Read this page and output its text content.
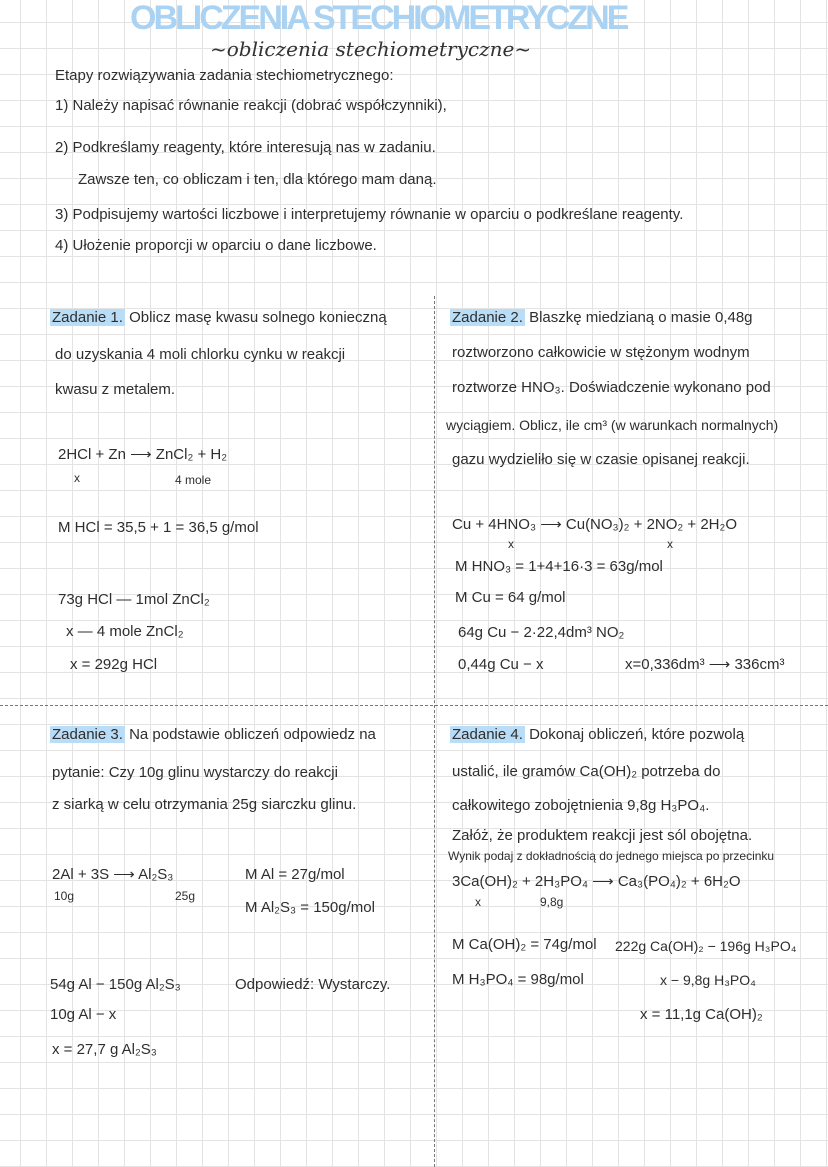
OBLICZENIA STECHIOMETRYCZNE
~obliczenia stechiometryczne~
Etapy rozwiązywania zadania stechiometrycznego:
1) Należy napisać równanie reakcji (dobrać współczynniki),
2) Podkreślamy reagenty, które interesują nas w zadaniu.
Zawsze ten, co obliczam i ten, dla którego mam daną.
3) Podpisujemy wartości liczbowe i interpretujemy równanie w oparciu o podkreślane reagenty.
4) Ułożenie proporcji w oparciu o dane liczbowe.
Zadanie 1. Oblicz masę kwasu solnego konieczną
do uzyskania 4 moli chlorku cynku w reakcji
kwasu z metalem.
2HCl + Zn ⟶ ZnCl₂ + H₂
x	4 mole
M HCl = 35,5 + 1 = 36,5 g/mol
73g HCl — 1mol ZnCl₂
x — 4 mole ZnCl₂
x = 292g HCl
Zadanie 2. Blaszkę miedzianą o masie 0,48g
roztworzono całkowicie w stężonym wodnym
roztworze HNO₃. Doświadczenie wykonano pod
wyciągiem. Oblicz, ile cm³ (w warunkach normalnych)
gazu wydzieliło się w czasie opisanej reakcji.
Cu + 4HNO₃ ⟶ Cu(NO₃)₂ + 2NO₂ + 2H₂O
x	x
M HNO₃ = 1+4+16·3 = 63g/mol
M Cu = 64 g/mol
64g Cu − 2·22,4dm³ NO₂
0,44g Cu − x	x=0,336dm³ ⟶ 336cm³
Zadanie 3. Na podstawie obliczeń odpowiedz na
pytanie: Czy 10g glinu wystarczy do reakcji
z siarką w celu otrzymania 25g siarczku glinu.
2Al + 3S ⟶ Al₂S₃
10g	25g
M Al = 27g/mol
M Al₂S₃ = 150g/mol
54g Al − 150g Al₂S₃	Odpowiedź: Wystarczy.
10g Al − x
x = 27,7 g Al₂S₃
Zadanie 4. Dokonaj obliczeń, które pozwolą
ustalić, ile gramów Ca(OH)₂ potrzeba do
całkowitego zobojętnienia 9,8g H₃PO₄.
Załóż, że produktem reakcji jest sól obojętna.
Wynik podaj z dokładnością do jednego miejsca po przecinku
3Ca(OH)₂ + 2H₃PO₄ ⟶ Ca₃(PO₄)₂ + 6H₂O
x	9,8g
M Ca(OH)₂ = 74g/mol
M H₃PO₄ = 98g/mol
222g Ca(OH)₂ − 196g H₃PO₄
x − 9,8g H₃PO₄
x = 11,1g Ca(OH)₂
